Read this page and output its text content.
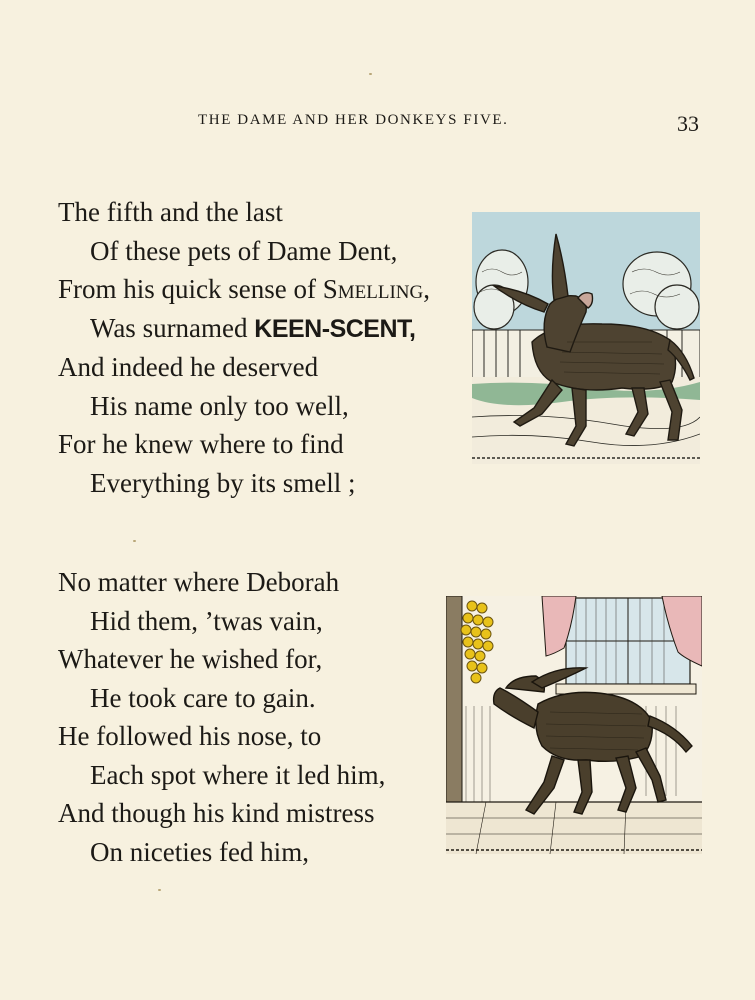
THE DAME AND HER DONKEYS FIVE.	33
The fifth and the last
Of these pets of Dame Dent,
From his quick sense of Smelling,
Was surnamed KEEN-SCENT,
And indeed he deserved
His name only too well,
For he knew where to find
Everything by its smell ;
No matter where Deborah
Hid them, ’twas vain,
Whatever he wished for,
He took care to gain.
He followed his nose, to
Each spot where it led him,
And though his kind mistress
On niceties fed him,
